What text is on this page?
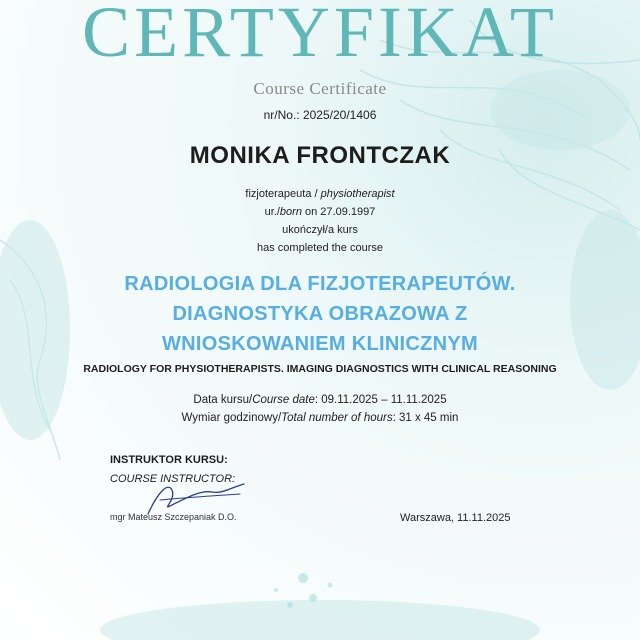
CERTYFIKAT
Course Certificate
nr/No.: 2025/20/1406
MONIKA FRONTCZAK
fizjoterapeuta / physiotherapist
ur./born on 27.09.1997
ukończył/a kurs
has completed the course
RADIOLOGIA DLA FIZJOTERAPEUTÓW.
DIAGNOSTYKA OBRAZOWA Z
WNIOSKOWANIEM KLINICZNYM
RADIOLOGY FOR PHYSIOTHERAPISTS. IMAGING DIAGNOSTICS WITH CLINICAL REASONING
Data kursu/Course date: 09.11.2025 – 11.11.2025
Wymiar godzinowy/Total number of hours: 31 x 45 min
INSTRUKTOR KURSU:
COURSE INSTRUCTOR:
mgr Mateusz Szczepaniak D.O.	Warszawa, 11.11.2025
